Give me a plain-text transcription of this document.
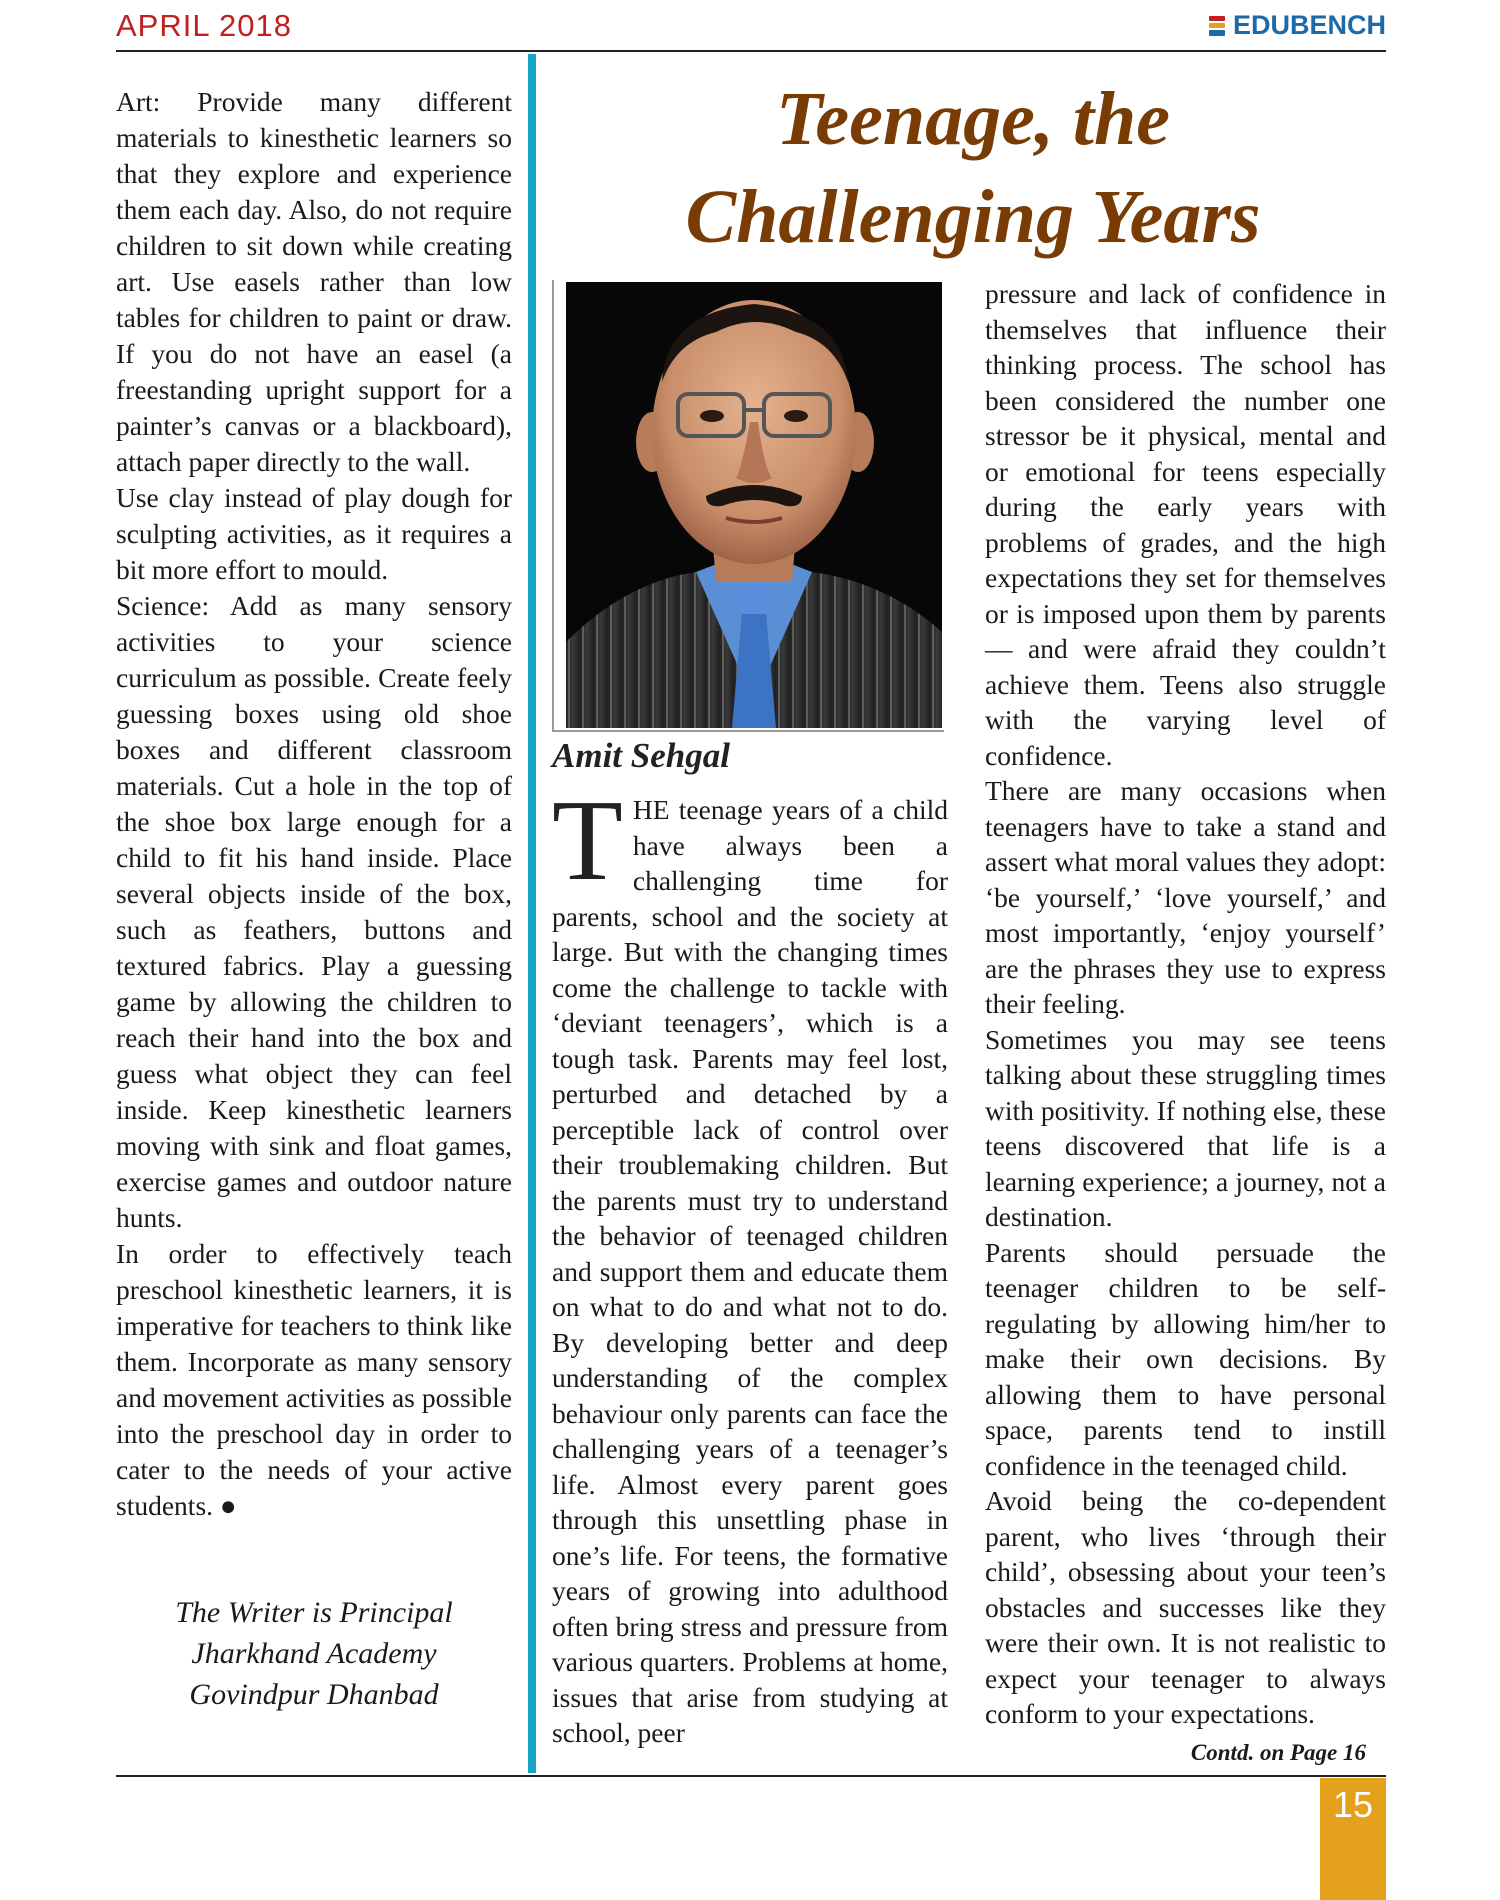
APRIL 2018	EDUBENCH

Art: Provide many different materials to kinesthetic learners so that they explore and experience them each day. Also, do not require children to sit down while creating art. Use easels rather than low tables for children to paint or draw. If you do not have an easel (a freestanding upright support for a painter’s canvas or a blackboard), attach paper directly to the wall.

Use clay instead of play dough for sculpting activities, as it requires a bit more effort to mould.

Science: Add as many sensory activities to your science curriculum as possible. Create feely guessing boxes using old shoe boxes and different classroom materials. Cut a hole in the top of the shoe box large enough for a child to fit his hand inside. Place several objects inside of the box, such as feathers, buttons and textured fabrics. Play a guessing game by allowing the children to reach their hand into the box and guess what object they can feel inside. Keep kinesthetic learners moving with sink and float games, exercise games and outdoor nature hunts.

In order to effectively teach preschool kinesthetic learners, it is imperative for teachers to think like them. Incorporate as many sensory and movement activities as possible into the preschool day in order to cater to the needs of your active students. ●

The Writer is Principal
Jharkhand Academy
Govindpur Dhanbad
Teenage, the
Challenging Years
Amit Sehgal

THE teenage years of a child have always been a challenging time for parents, school and the society at large. But with the changing times come the challenge to tackle with ‘deviant teenagers’, which is a tough task. Parents may feel lost, perturbed and detached by a perceptible lack of control over their troublemaking children. But the parents must try to understand the behavior of teenaged children and support them and educate them on what to do and what not to do. By developing better and deep understanding of the complex behaviour only parents can face the challenging years of a teenager’s life. Almost every parent goes through this unsettling phase in one’s life. For teens, the formative years of growing into adulthood often bring stress and pressure from various quarters. Problems at home, issues that arise from studying at school, peer

pressure and lack of confidence in themselves that influence their thinking process. The school has been considered the number one stressor be it physical, mental and or emotional for teens especially during the early years with problems of grades, and the high expectations they set for themselves or is imposed upon them by parents — and were afraid they couldn’t achieve them. Teens also struggle with the varying level of confidence.

There are many occasions when teenagers have to take a stand and assert what moral values they adopt: ‘be yourself,’ ‘love yourself,’ and most importantly, ‘enjoy yourself’ are the phrases they use to express their feeling.

Sometimes you may see teens talking about these struggling times with positivity. If nothing else, these teens discovered that life is a learning experience; a journey, not a destination.

Parents should persuade the teenager children to be self-regulating by allowing him/her to make their own decisions. By allowing them to have personal space, parents tend to instill confidence in the teenaged child.

Avoid being the co-dependent parent, who lives ‘through their child’, obsessing about your teen’s obstacles and successes like they were their own. It is not realistic to expect your teenager to always conform to your expectations.

Contd. on Page 16
15
